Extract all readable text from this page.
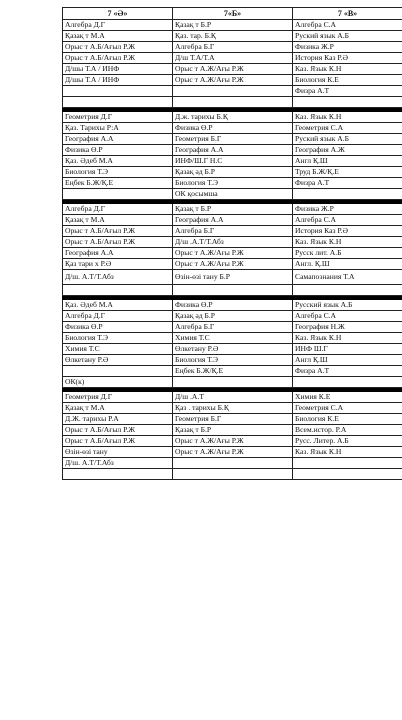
7 «Ә»	7«Б»	7 «В»
Алгебра Д.Г	Қазақ т Б.Р	Алгебра С.А
Қазақ т М.А	Қаз. тар. Б.Қ	Руский язык А.Б
Орыс т А.Б/Ағыл Р.Ж	Алгебра Б.Г	Физика Ж.Р
Орыс т А.Б/Ағыл Р.Ж	Д/ш Т.А/Т.А	История Каз Р.Ә
Д/шы Т.А / ИНФ	Орыс т А.Ж/Ағы Р.Ж	Каз. Язык К.Н
Д/шы Т.А / ИНФ	Орыс т А.Ж/Ағы Р.Ж	Биология К.Е
		Физра А.Т

Геометрия Д.Г	Д.ж. тарихы Б.Қ	Каз. Язык К.Н
Қаз. Тарихы Р:А	Физика Ө.Р	Геометрия С.А
География А.А	Геометрия Б.Г	Руский язык А.Б
Физика Ө.Р	География А.А	География А.Ж
Қаз. Әдеб М.А	ИНФ/Ш.Г Н.С	Англ Қ.Ш
Биология Т.Э	Қазақ әд Б.Р	Труд Б.Ж/Қ.Е
Еңбек Б.Ж/Қ.Е	Биология Т.Э	Физра А.Т
	ОК қосымша	

Алгебра Д.Г	Қазақ т Б.Р	Физика Ж.Р
Қазақ т М.А	География А.А	Алгебра С.А
Орыс т А.Б/Ағыл Р.Ж	Алгебра Б.Г	История Каз Р.Ә
Орыс т А.Б/Ағыл Р.Ж	Д/ш .А.Т/Т.Абз	Каз. Язык К.Н
География А.А	Орыс т А.Ж/Ағы Р.Ж	Русск лит. А.Б
Қаз тари х Р.Ә	Орыс т А.Ж/Ағы Р.Ж	Англ. Қ.Ш
Д/ш. А.Т/Т.Абз	Өзін-өзі тану Б.Р	Самапознания Т.А

Қаз. Әдеб М.А	Физика Ө.Р	Русский язык А.Б
Алгебра Д.Г	Қазақ әд Б.Р	Алгебра С.А
Физика Ө.Р	Алгебра Б.Г	География Н.Ж
Биология Т.Э	Химия Т.С	Каз. Язык К.Н
Химия Т.С	Өлкетану Р.Ә	ИНФ Ш.Г
Өлкетану Р.Ә	Биология Т.Э	Англ Қ.Ш
	Еңбек Б.Ж/Қ.Е	Физра А.Т
ОК(к)		

Геометрия Д.Г	Д/ш .А.Т	Химия К.Е
Қазақ т М.А	Қаз . тарихы Б.Қ	Геометрия С.А
Д.Ж. тарихы Р.А	Геометрия Б.Г	Биология К.Е
Орыс т А.Б/Ағыл Р.Ж	Қазақ т Б.Р	Всем.истор. Р.А
Орыс т А.Б/Ағыл Р.Ж	Орыс т А.Ж/Ағы Р.Ж	Русс. Литер. А.Б
Өзін-өзі тану	Орыс т А.Ж/Ағы Р.Ж	Каз. Язык К.Н
Д/ш. А.Т/Т.Абз		
